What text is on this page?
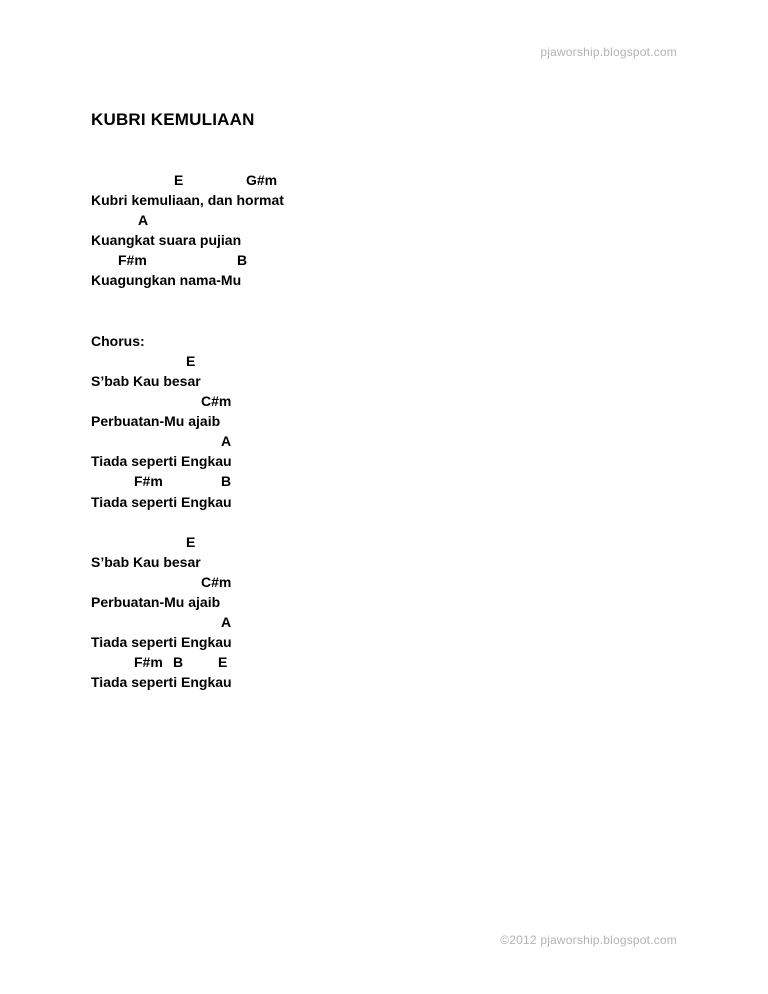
pjaworship.blogspot.com
KUBRI KEMULIAAN
E	G#m
Kubri kemuliaan, dan hormat
A
Kuangkat suara pujian
F#m	B
Kuagungkan nama-Mu
Chorus:
E
S’bab Kau besar
C#m
Perbuatan-Mu ajaib
A
Tiada seperti Engkau
F#m	B
Tiada seperti Engkau
E
S’bab Kau besar
C#m
Perbuatan-Mu ajaib
A
Tiada seperti Engkau
F#m B E
Tiada seperti Engkau
©2012 pjaworship.blogspot.com
